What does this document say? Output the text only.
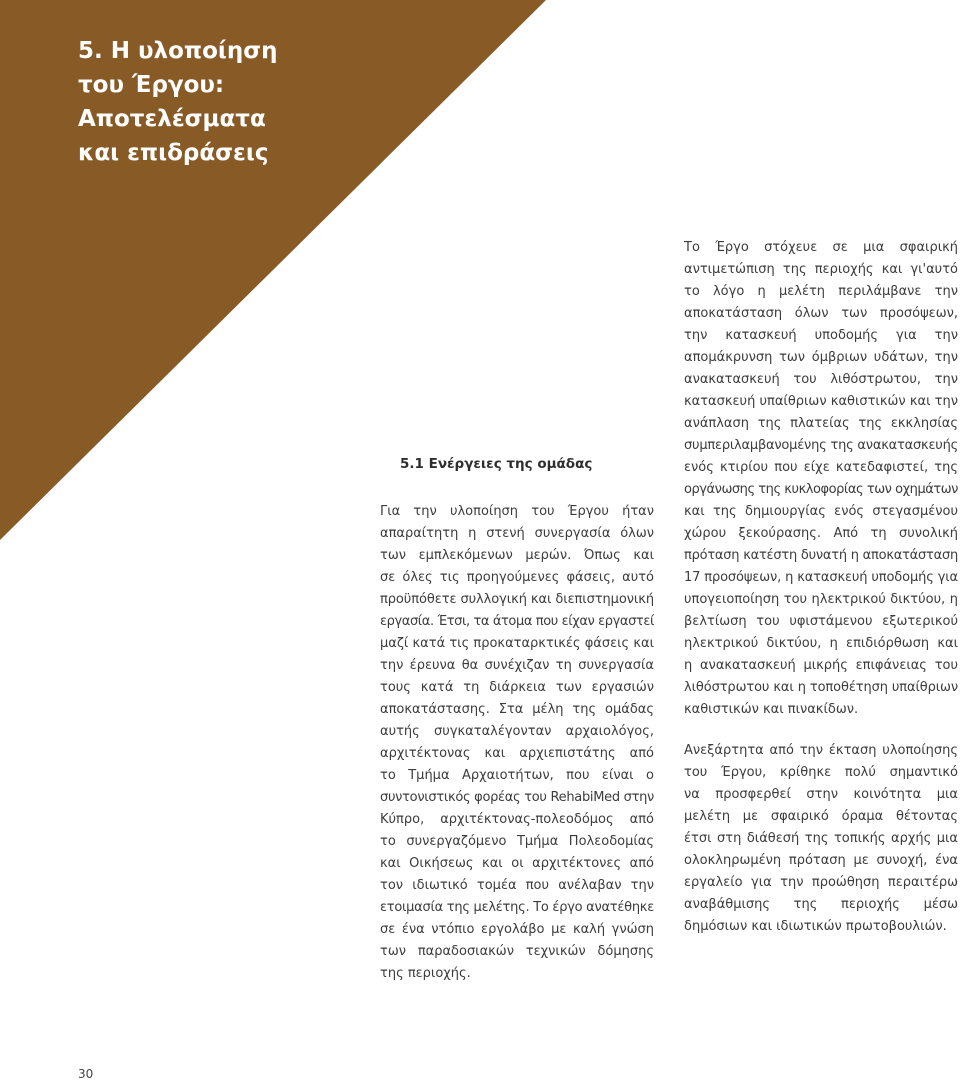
5. Η υλοποίηση
του Έργου:
Αποτελέσματα
και επιδράσεις
5.1 Ενέργειες της ομάδας
Για την υλοποίηση του Έργου ήταν
απαραίτητη η στενή συνεργασία όλων
των εμπλεκόμενων μερών. Όπως και
σε όλες τις προηγούμενες φάσεις, αυτό
προϋπόθετε συλλογική και διεπιστημονική
εργασία. Έτσι, τα άτομα που είχαν εργαστεί
μαζί κατά τις προκαταρκτικές φάσεις και
την έρευνα θα συνέχιζαν τη συνεργασία
τους κατά τη διάρκεια των εργασιών
αποκατάστασης. Στα μέλη της ομάδας
αυτής συγκαταλέγονταν αρχαιολόγος,
αρχιτέκτονας και αρχιεπιστάτης από
το Τμήμα Αρχαιοτήτων, που είναι ο
συντονιστικός φορέας του RehabiMed στην
Κύπρο, αρχιτέκτονας-πολεοδόμος από
το συνεργαζόμενο Τμήμα Πολεοδομίας
και Οικήσεως και οι αρχιτέκτονες από
τον ιδιωτικό τομέα που ανέλαβαν την
ετοιμασία της μελέτης. Το έργο ανατέθηκε
σε ένα ντόπιο εργολάβο με καλή γνώση
των παραδοσιακών τεχνικών δόμησης
της περιοχής.
Το Έργο στόχευε σε μια σφαιρική
αντιμετώπιση της περιοχής και γι'αυτό
το λόγο η μελέτη περιλάμβανε την
αποκατάσταση όλων των προσόψεων,
την κατασκευή υποδομής για την
απομάκρυνση των όμβριων υδάτων, την
ανακατασκευή του λιθόστρωτου, την
κατασκευή υπαίθριων καθιστικών και την
ανάπλαση της πλατείας της εκκλησίας
συμπεριλαμβανομένης της ανακατασκευής
ενός κτιρίου που είχε κατεδαφιστεί, της
οργάνωσης της κυκλοφορίας των οχημάτων
και της δημιουργίας ενός στεγασμένου
χώρου ξεκούρασης. Από τη συνολική
πρόταση κατέστη δυνατή η αποκατάσταση
17 προσόψεων, η κατασκευή υποδομής για
υπογειοποίηση του ηλεκτρικού δικτύου, η
βελτίωση του υφιστάμενου εξωτερικού
ηλεκτρικού δικτύου, η επιδιόρθωση και
η ανακατασκευή μικρής επιφάνειας του
λιθόστρωτου και η τοποθέτηση υπαίθριων
καθιστικών και πινακίδων.
Ανεξάρτητα από την έκταση υλοποίησης
του Έργου, κρίθηκε πολύ σημαντικό
να προσφερθεί στην κοινότητα μια
μελέτη με σφαιρικό όραμα θέτοντας
έτσι στη διάθεσή της τοπικής αρχής μια
ολοκληρωμένη πρόταση με συνοχή, ένα
εργαλείο για την προώθηση περαιτέρω
αναβάθμισης της περιοχής μέσω
δημόσιων και ιδιωτικών πρωτοβουλιών.
30
